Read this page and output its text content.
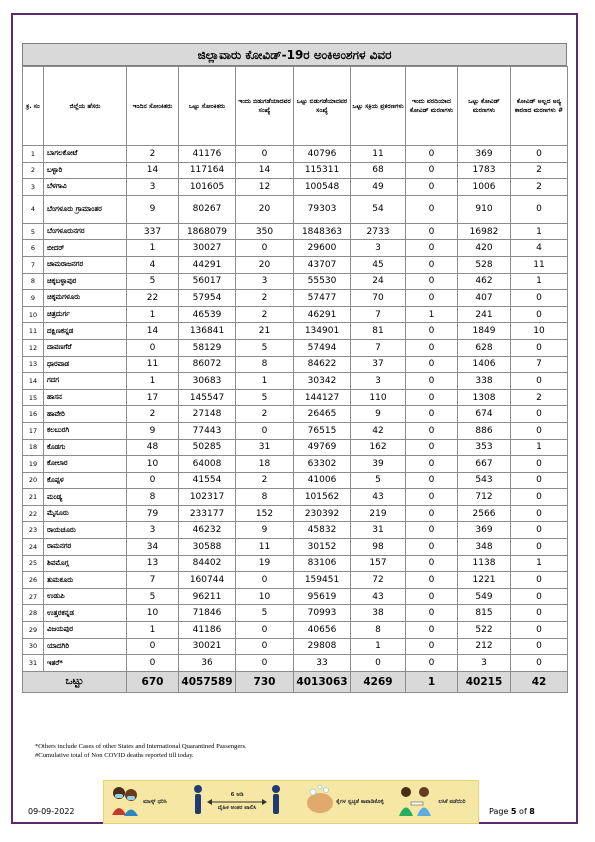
ಜಿಲ್ಲಾವಾರು ಕೋವಿಡ್-19ರ ಅಂಕಿಅಂಶಗಳ ವಿವರ
ಕ್ರ. ಸಂ	ಜಿಲ್ಲೆಯ ಹೆಸರು	ಇಂದಿನ ಸೋಂಕಿತರು	ಒಟ್ಟು ಸೋಂಕಿತರು	ಇಂದು ಬಿಡುಗಡೆಯಾದವರ ಸಂಖ್ಯೆ	ಒಟ್ಟು ಬಿಡುಗಡೆಯಾದವರ ಸಂಖ್ಯೆ	ಒಟ್ಟು ಸಕ್ರಿಯ ಪ್ರಕರಣಗಳು	ಇಂದು ವರದಿಯಾದ ಕೋವಿಡ್ ಮರಣಗಳು	ಒಟ್ಟು ಕೋವಿಡ್ ಮರಣಗಳು	ಕೋವಿಡ್ ಅಲ್ಲದ ಅನ್ಯ ಕಾರಣದ ಮರಣಗಳು #
1	ಬಾಗಲಕೋಟೆ	2	41176	0	40796	11	0	369	0
2	ಬಳ್ಳಾರಿ	14	117164	14	115311	68	0	1783	2
3	ಬೆಳಗಾವಿ	3	101605	12	100548	49	0	1006	2
4	ಬೆಂಗಳೂರು ಗ್ರಾಮಾಂತರ	9	80267	20	79303	54	0	910	0
5	ಬೆಂಗಳೂರುನಗರ	337	1868079	350	1848363	2733	0	16982	1
6	ಬೀದರ್	1	30027	0	29600	3	0	420	4
7	ಚಾಮರಾಜನಗರ	4	44291	20	43707	45	0	528	11
8	ಚಿಕ್ಕಬಳ್ಳಾಪುರ	5	56017	3	55530	24	0	462	1
9	ಚಿಕ್ಕಮಗಳೂರು	22	57954	2	57477	70	0	407	0
10	ಚಿತ್ರದುರ್ಗ	1	46539	2	46291	7	1	241	0
11	ದಕ್ಷಿಣಕನ್ನಡ	14	136841	21	134901	81	0	1849	10
12	ದಾವಣಗೆರೆ	0	58129	5	57494	7	0	628	0
13	ಧಾರವಾಡ	11	86072	8	84622	37	0	1406	7
14	ಗದಗ	1	30683	1	30342	3	0	338	0
15	ಹಾಸನ	17	145547	5	144127	110	0	1308	2
16	ಹಾವೇರಿ	2	27148	2	26465	9	0	674	0
17	ಕಲಬುರಗಿ	9	77443	0	76515	42	0	886	0
18	ಕೊಡಗು	48	50285	31	49769	162	0	353	1
19	ಕೋಲಾರ	10	64008	18	63302	39	0	667	0
20	ಕೊಪ್ಪಳ	0	41554	2	41006	5	0	543	0
21	ಮಂಡ್ಯ	8	102317	8	101562	43	0	712	0
22	ಮೈಸೂರು	79	233177	152	230392	219	0	2566	0
23	ರಾಯಚೂರು	3	46232	9	45832	31	0	369	0
24	ರಾಮನಗರ	34	30588	11	30152	98	0	348	0
25	ಶಿವಮೊಗ್ಗ	13	84402	19	83106	157	0	1138	1
26	ತುಮಕೂರು	7	160744	0	159451	72	0	1221	0
27	ಉಡುಪಿ	5	96211	10	95619	43	0	549	0
28	ಉತ್ತರಕನ್ನಡ	10	71846	5	70993	38	0	815	0
29	ವಿಜಯಪುರ	1	41186	0	40656	8	0	522	0
30	ಯಾದಗಿರಿ	0	30021	0	29808	1	0	212	0
31	ಇತರೆ*	0	36	0	33	0	0	3	0
ಒಟ್ಟು		670	4057589	730	4013063	4269	1	40215	42
*Others include Cases of other States and International Quarantined Passengers.
#Cumulative total of Non COVID deaths reported till today.
ಮಾಸ್ಕ್ ಧರಿಸಿ
6 ಅಡಿ
ದೈಹಿಕ ಅಂತರ ಪಾಲಿಸಿ
ಕೈಗಳ ಸ್ವಚ್ಛತೆ ಕಾಪಾಡಿಕೊಳ್ಳಿ	ಲಸಿಕೆ ಪಡೆಯಿರಿ
09-09-2022	Page 5 of 8
